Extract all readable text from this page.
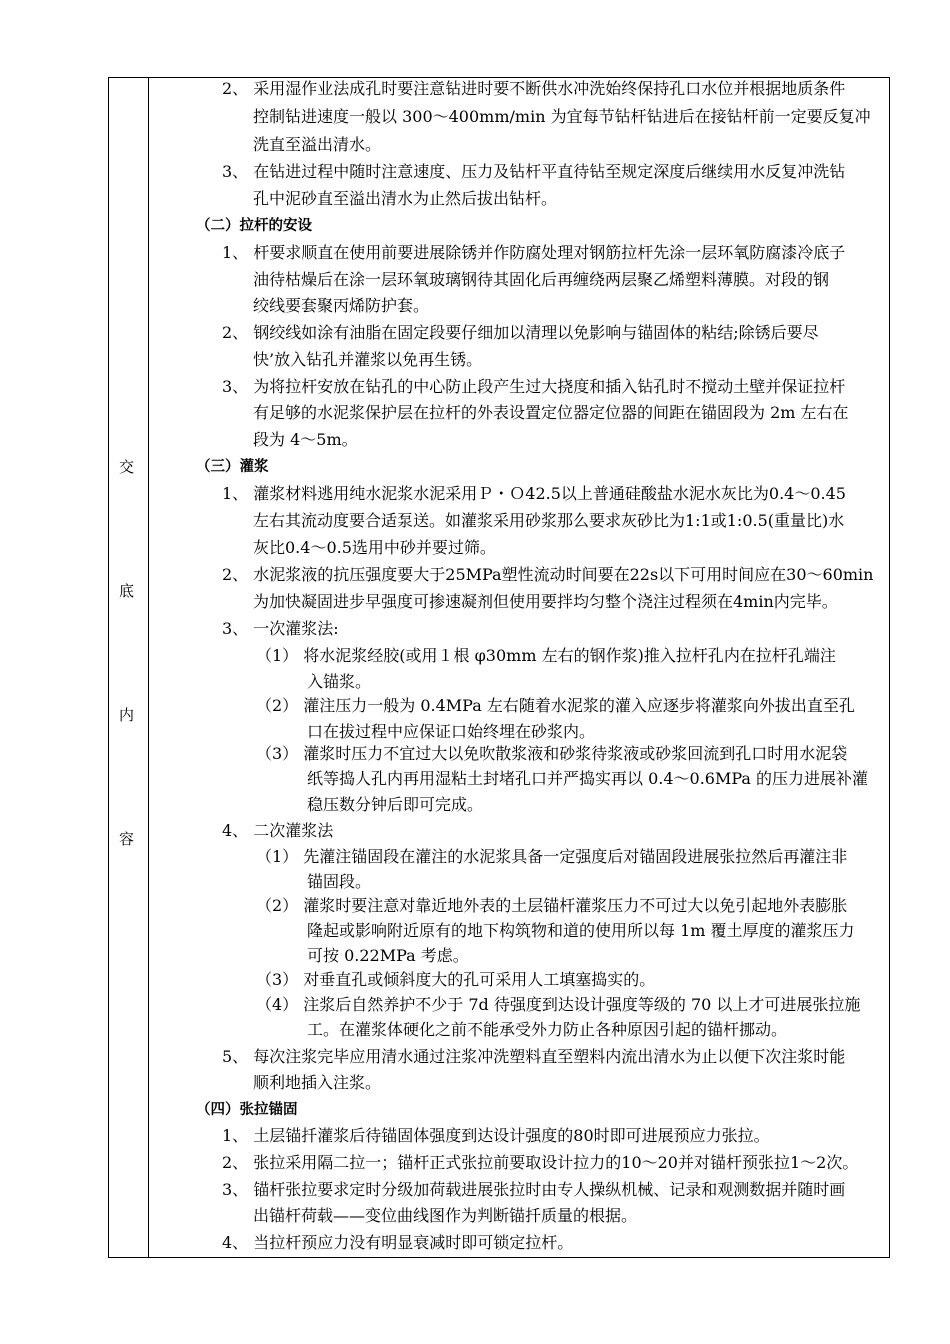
交
底
内
容
2、 采用湿作业法成孔时要注意钻进时要不断供水冲洗始终保持孔口水位并根据地质条件
控制钻进速度一般以 300～400mm/min 为宜每节钻杆钻进后在接钻杆前一定要反复冲
洗直至溢出清水。
3、 在钻进过程中随时注意速度、压力及钻杆平直待钻至规定深度后继续用水反复冲洗钻
孔中泥砂直至溢出清水为止然后拔出钻杆。
（二）拉杆的安设
1、 杆要求顺直在使用前要进展除锈并作防腐处理对钢筋拉杆先涂一层环氧防腐漆冷底子
油待枯燥后在涂一层环氧玻璃钢待其固化后再缠绕两层聚乙烯塑料薄膜。对段的钢
绞线要套聚丙烯防护套。
2、 钢绞线如涂有油脂在固定段要仔细加以清理以免影响与锚固体的粘结;除锈后要尽
快’放入钻孔并灌浆以免再生锈。
3、 为将拉杆安放在钻孔的中心防止段产生过大挠度和插入钻孔时不搅动土壁并保证拉杆
有足够的水泥浆保护层在拉杆的外表设置定位器定位器的间距在锚固段为 2m 左右在
段为 4～5m。
（三）灌浆
1、 灌浆材料逃用纯水泥浆水泥采用Ｐ・Ｏ42.5以上普通硅酸盐水泥水灰比为0.4～0.45
左右其流动度要合适泵送。如灌浆采用砂浆那么要求灰砂比为1:1或1:0.5(重量比)水
灰比0.4～0.5选用中砂并要过筛。
2、 水泥浆液的抗压强度要大于25MPa塑性流动时间要在22s以下可用时间应在30～60min
为加快凝固进步早强度可掺速凝剂但使用要拌均匀整个浇注过程须在4min内完毕。
3、 一次灌浆法:
（1） 将水泥浆经胶(或用１根 φ30mm 左右的钢作浆)推入拉杆孔内在拉杆孔端注
入锚浆。
（2） 灌注压力一般为 0.4MPa 左右随着水泥浆的灌入应逐步将灌浆向外拔出直至孔
口在拔过程中应保证口始终埋在砂浆内。
（3） 灌浆时压力不宜过大以免吹散浆液和砂浆待浆液或砂浆回流到孔口时用水泥袋
纸等捣人孔内再用湿粘土封堵孔口并严捣实再以 0.4～0.6MPa 的压力进展补灌
稳压数分钟后即可完成。
4、 二次灌浆法
（1） 先灌注锚固段在灌注的水泥浆具备一定强度后对锚固段进展张拉然后再灌注非
锚固段。
（2） 灌浆时要注意对靠近地外表的土层锚杆灌浆压力不可过大以免引起地外表膨胀
隆起或影响附近原有的地下构筑物和道的使用所以每 1m 覆土厚度的灌浆压力
可按 0.22MPa 考虑。
（3） 对垂直孔或倾斜度大的孔可采用人工填塞捣实的。
（4） 注浆后自然养护不少于 7d 待强度到达设计强度等级的 70 以上才可进展张拉施
工。在灌浆体硬化之前不能承受外力防止各种原因引起的锚杆挪动。
5、 每次注浆完毕应用清水通过注浆冲洗塑料直至塑料内流出清水为止以便下次注浆时能
顺利地插入注浆。
（四）张拉锚固
1、 土层锚扦灌浆后待锚固体强度到达设计强度的80时即可进展预应力张拉。
2、 张拉采用隔二拉一；锚杆正式张拉前要取设计拉力的10～20并对锚杆预张拉1～2次。
3、 锚杆张拉要求定时分级加荷载进展张拉时由专人操纵机械、记录和观测数据并随时画
出锚杆荷载——变位曲线图作为判断锚扦质量的根据。
4、 当拉杆预应力没有明显衰减时即可锁定拉杆。
